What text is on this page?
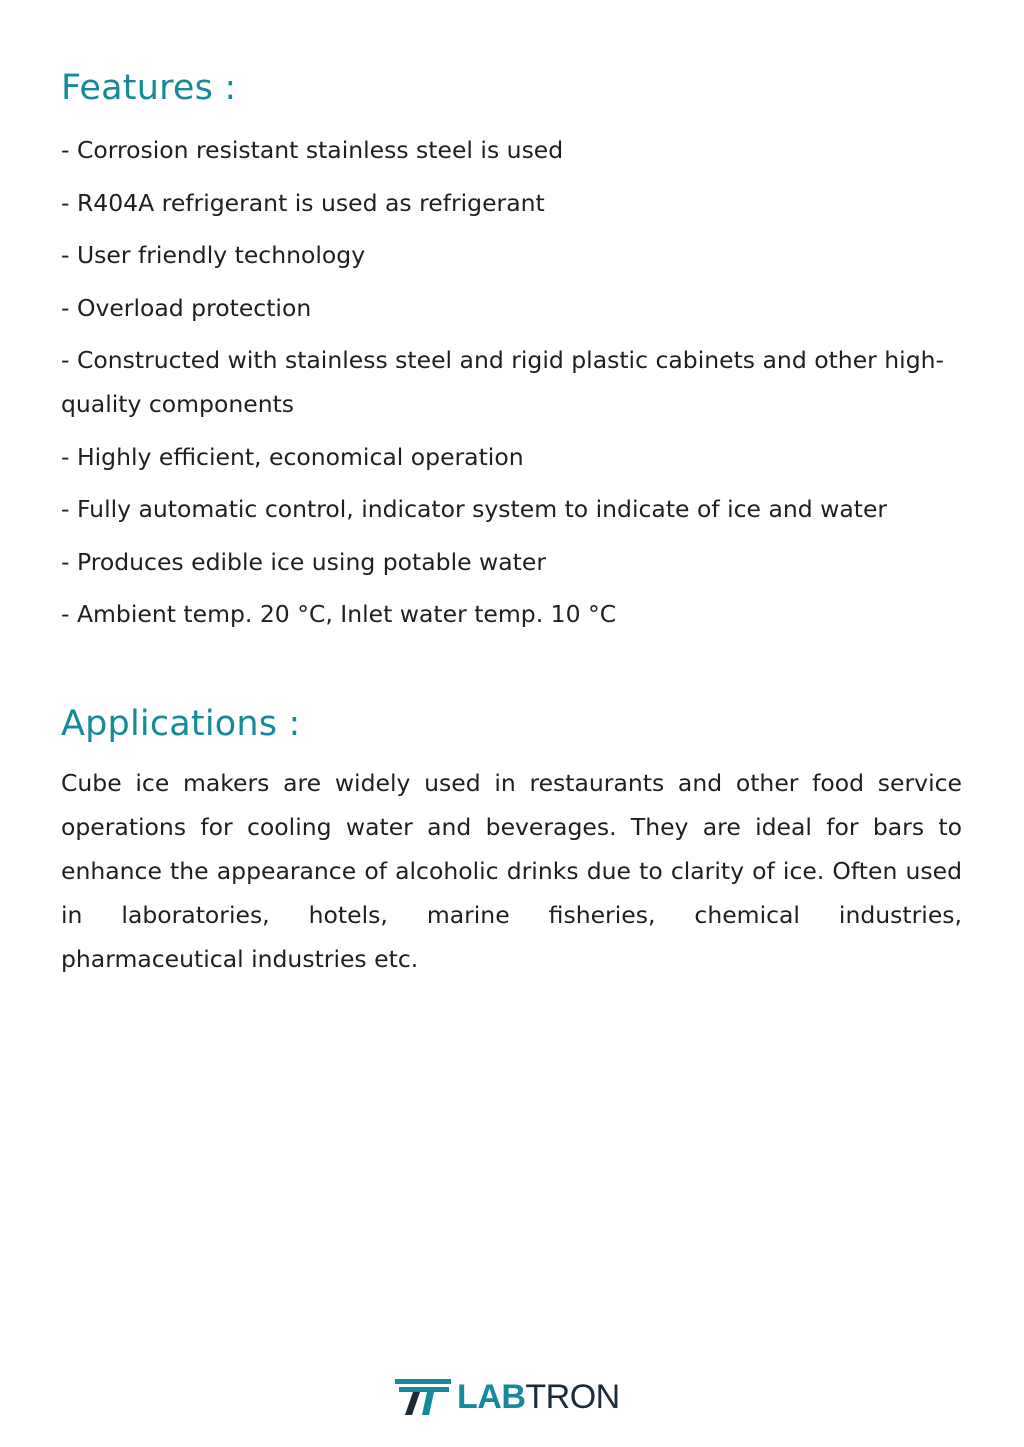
Features :
- Corrosion resistant stainless steel is used
- R404A refrigerant is used as refrigerant
- User friendly technology
- Overload protection
- Constructed with stainless steel and rigid plastic cabinets and other high-quality components
- Highly efficient, economical operation
- Fully automatic control, indicator system to indicate of ice and water
- Produces edible ice using potable water
- Ambient temp. 20 °C, Inlet water temp. 10 °C
Applications :

Cube ice makers are widely used in restaurants and other food service operations for cooling water and beverages. They are ideal for bars to enhance the appearance of alcoholic drinks due to clarity of ice. Often used in laboratories, hotels, marine fisheries, chemical industries, pharmaceutical industries etc.

LAB TRON
